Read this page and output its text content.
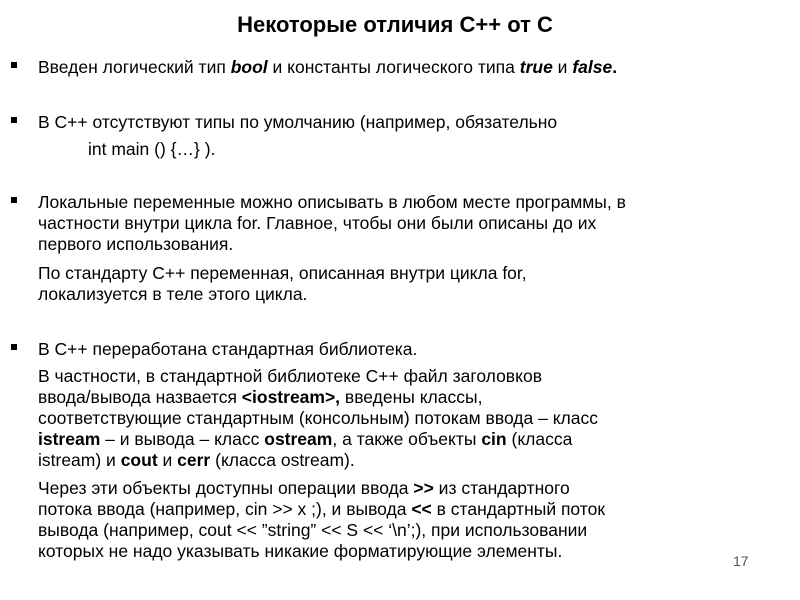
Некоторые отличия С++ от С
Введен логический тип bool и константы логического типа true и false.
В С++ отсутствуют типы по умолчанию (например, обязательно
int main () {…} ).
Локальные переменные можно описывать в любом месте программы, в
частности внутри цикла for. Главное, чтобы они были описаны до их
первого использования.
По стандарту С++ переменная, описанная внутри цикла for,
локализуется в теле этого цикла.
В С++ переработана стандартная библиотека.
В частности, в стандартной библиотеке С++ файл заголовков
ввода/вывода назвается <iostream>, введены классы,
соответствующие стандартным (консольным) потокам ввода – класс
istream – и вывода – класс ostream, а также объекты cin (класса
istream) и cout и cerr (класса ostream).
Через эти объекты доступны операции ввода >> из стандартного
потока ввода (например, cin >> x ;), и вывода << в стандартный поток
вывода (например, cout << ”string” << S << ‘\n’;), при использовании
которых не надо указывать никакие форматирующие элементы.	17
